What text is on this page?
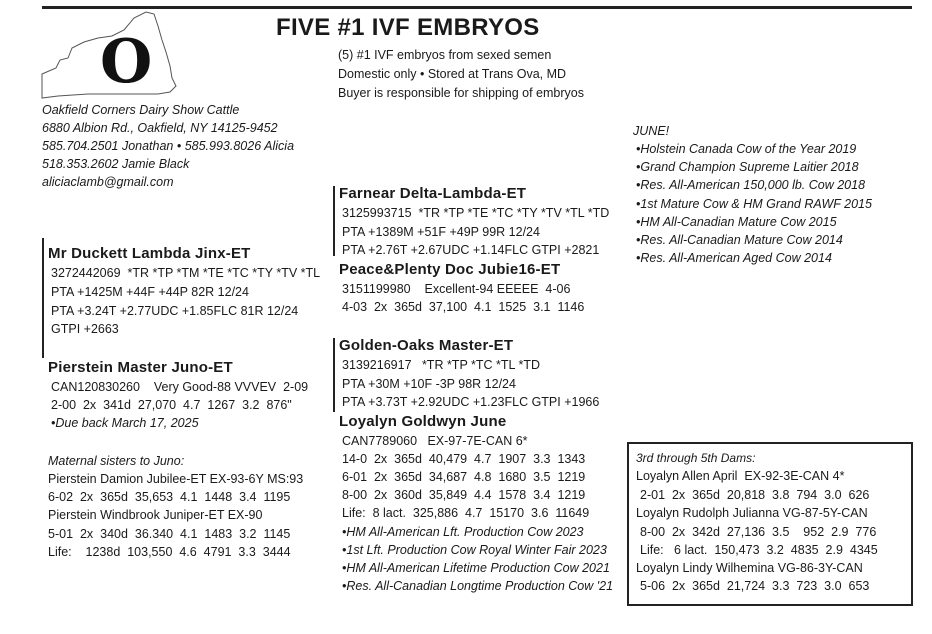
O	FIVE #1 IVF EMBRYOS
(5) #1 IVF embryos from sexed semen
Domestic only • Stored at Trans Ova, MD
Buyer is responsible for shipping of embryos
Oakfield Corners Dairy Show Cattle
6880 Albion Rd., Oakfield, NY 14125-9452
585.704.2501 Jonathan • 585.993.8026 Alicia
518.353.2602 Jamie Black
aliciaclamb@gmail.com
Mr Duckett Lambda Jinx-ET
3272442069  *TR *TP *TM *TE *TC *TY *TV *TL
PTA +1425M +44F +44P 82R 12/24
PTA +3.24T +2.77UDC +1.85FLC 81R 12/24
GTPI +2663
Pierstein Master Juno-ET
CAN120830260    Very Good-88 VVVEV  2-09
2-00  2x  341d  27,070  4.7  1267  3.2  876"
•Due back March 17, 2025
Maternal sisters to Juno:
Pierstein Damion Jubilee-ET EX-93-6Y MS:93
6-02  2x  365d  35,653  4.1  1448  3.4  1195
Pierstein Windbrook Juniper-ET EX-90
5-01  2x  340d  36.340  4.1  1483  3.2  1145
Life:    1238d  103,550  4.6  4791  3.3  3444
Farnear Delta-Lambda-ET
3125993715  *TR *TP *TE *TC *TY *TV *TL *TD
PTA +1389M +51F +49P 99R 12/24
PTA +2.76T +2.67UDC +1.14FLC GTPI +2821
Peace&Plenty Doc Jubie16-ET
3151199980    Excellent-94 EEEEE  4-06
4-03  2x  365d  37,100  4.1  1525  3.1  1146
Golden-Oaks Master-ET
3139216917   *TR *TP *TC *TL *TD
PTA +30M +10F -3P 98R 12/24
PTA +3.73T +2.92UDC +1.23FLC GTPI +1966
Loyalyn Goldwyn June
CAN7789060   EX-97-7E-CAN 6*
14-0  2x  365d  40,479  4.7  1907  3.3  1343
6-01  2x  365d  34,687  4.8  1680  3.5  1219
8-00  2x  360d  35,849  4.4  1578  3.4  1219
Life:  8 lact.  325,886  4.7  15170  3.6  11649
•HM All-American Lft. Production Cow 2023
•1st Lft. Production Cow Royal Winter Fair 2023
•HM All-American Lifetime Production Cow 2021
•Res. All-Canadian Longtime Production Cow '21
JUNE!
•Holstein Canada Cow of the Year 2019
•Grand Champion Supreme Laitier 2018
•Res. All-American 150,000 lb. Cow 2018
•1st Mature Cow & HM Grand RAWF 2015
•HM All-Canadian Mature Cow 2015
•Res. All-Canadian Mature Cow 2014
•Res. All-American Aged Cow 2014
3rd through 5th Dams:
Loyalyn Allen April  EX-92-3E-CAN 4*
2-01  2x  365d  20,818  3.8  794  3.0  626
Loyalyn Rudolph Julianna VG-87-5Y-CAN
8-00  2x  342d  27,136  3.5    952  2.9  776
Life:   6 lact.  150,473  3.2  4835  2.9  4345
Loyalyn Lindy Wilhemina VG-86-3Y-CAN
5-06  2x  365d  21,724  3.3  723  3.0  653
